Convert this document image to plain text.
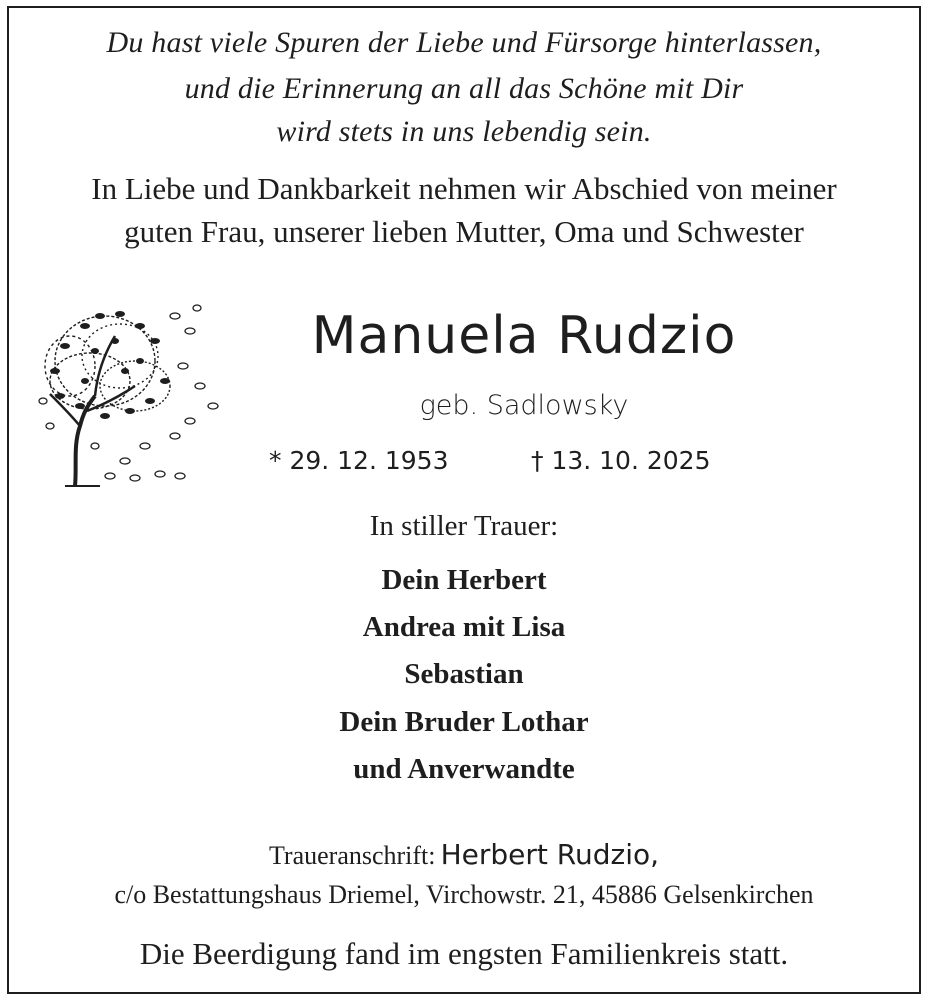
Du hast viele Spuren der Liebe und Fürsorge hinterlassen,
und die Erinnerung an all das Schöne mit Dir
wird stets in uns lebendig sein.
In Liebe und Dankbarkeit nehmen wir Abschied von meiner
guten Frau, unserer lieben Mutter, Oma und Schwester
Manuela Rudzio
geb. Sadlowsky
* 29. 12. 1953	† 13. 10. 2025
In stiller Trauer:
Dein Herbert
Andrea mit Lisa
Sebastian
Dein Bruder Lothar
und Anverwandte
Traueranschrift: Herbert Rudzio,
c/o Bestattungshaus Driemel, Virchowstr. 21, 45886 Gelsenkirchen
Die Beerdigung fand im engsten Familienkreis statt.
